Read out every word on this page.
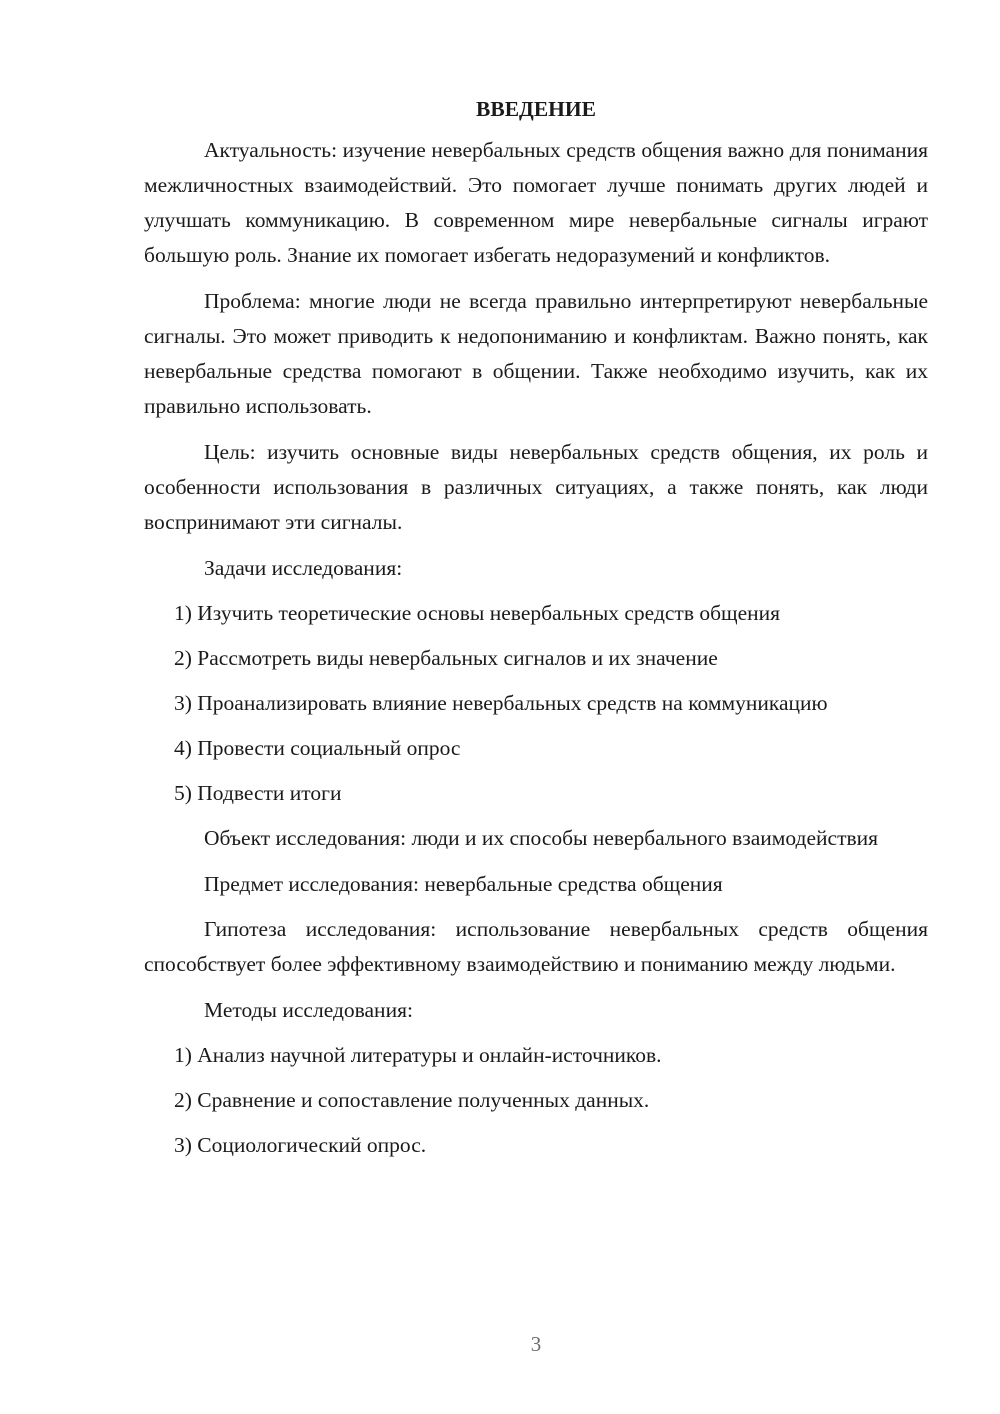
ВВЕДЕНИЕ

Актуальность: изучение невербальных средств общения важно для понимания межличностных взаимодействий. Это помогает лучше понимать других людей и улучшать коммуникацию. В современном мире невербальные сигналы играют большую роль. Знание их помогает избегать недоразумений и конфликтов.

Проблема: многие люди не всегда правильно интерпретируют невербальные сигналы. Это может приводить к недопониманию и конфликтам. Важно понять, как невербальные средства помогают в общении. Также необходимо изучить, как их правильно использовать.

Цель: изучить основные виды невербальных средств общения, их роль и особенности использования в различных ситуациях, а также понять, как люди воспринимают эти сигналы.

Задачи исследования:

1) Изучить теоретические основы невербальных средств общения

2) Рассмотреть виды невербальных сигналов и их значение

3) Проанализировать влияние невербальных средств на коммуникацию

4) Провести социальный опрос

5) Подвести итоги

Объект исследования: люди и их способы невербального взаимодействия

Предмет исследования: невербальные средства общения

Гипотеза исследования: использование невербальных средств общения способствует более эффективному взаимодействию и пониманию между людьми.

Методы исследования:

1) Анализ научной литературы и онлайн-источников.

2) Сравнение и сопоставление полученных данных.

3) Социологический опрос.

3
